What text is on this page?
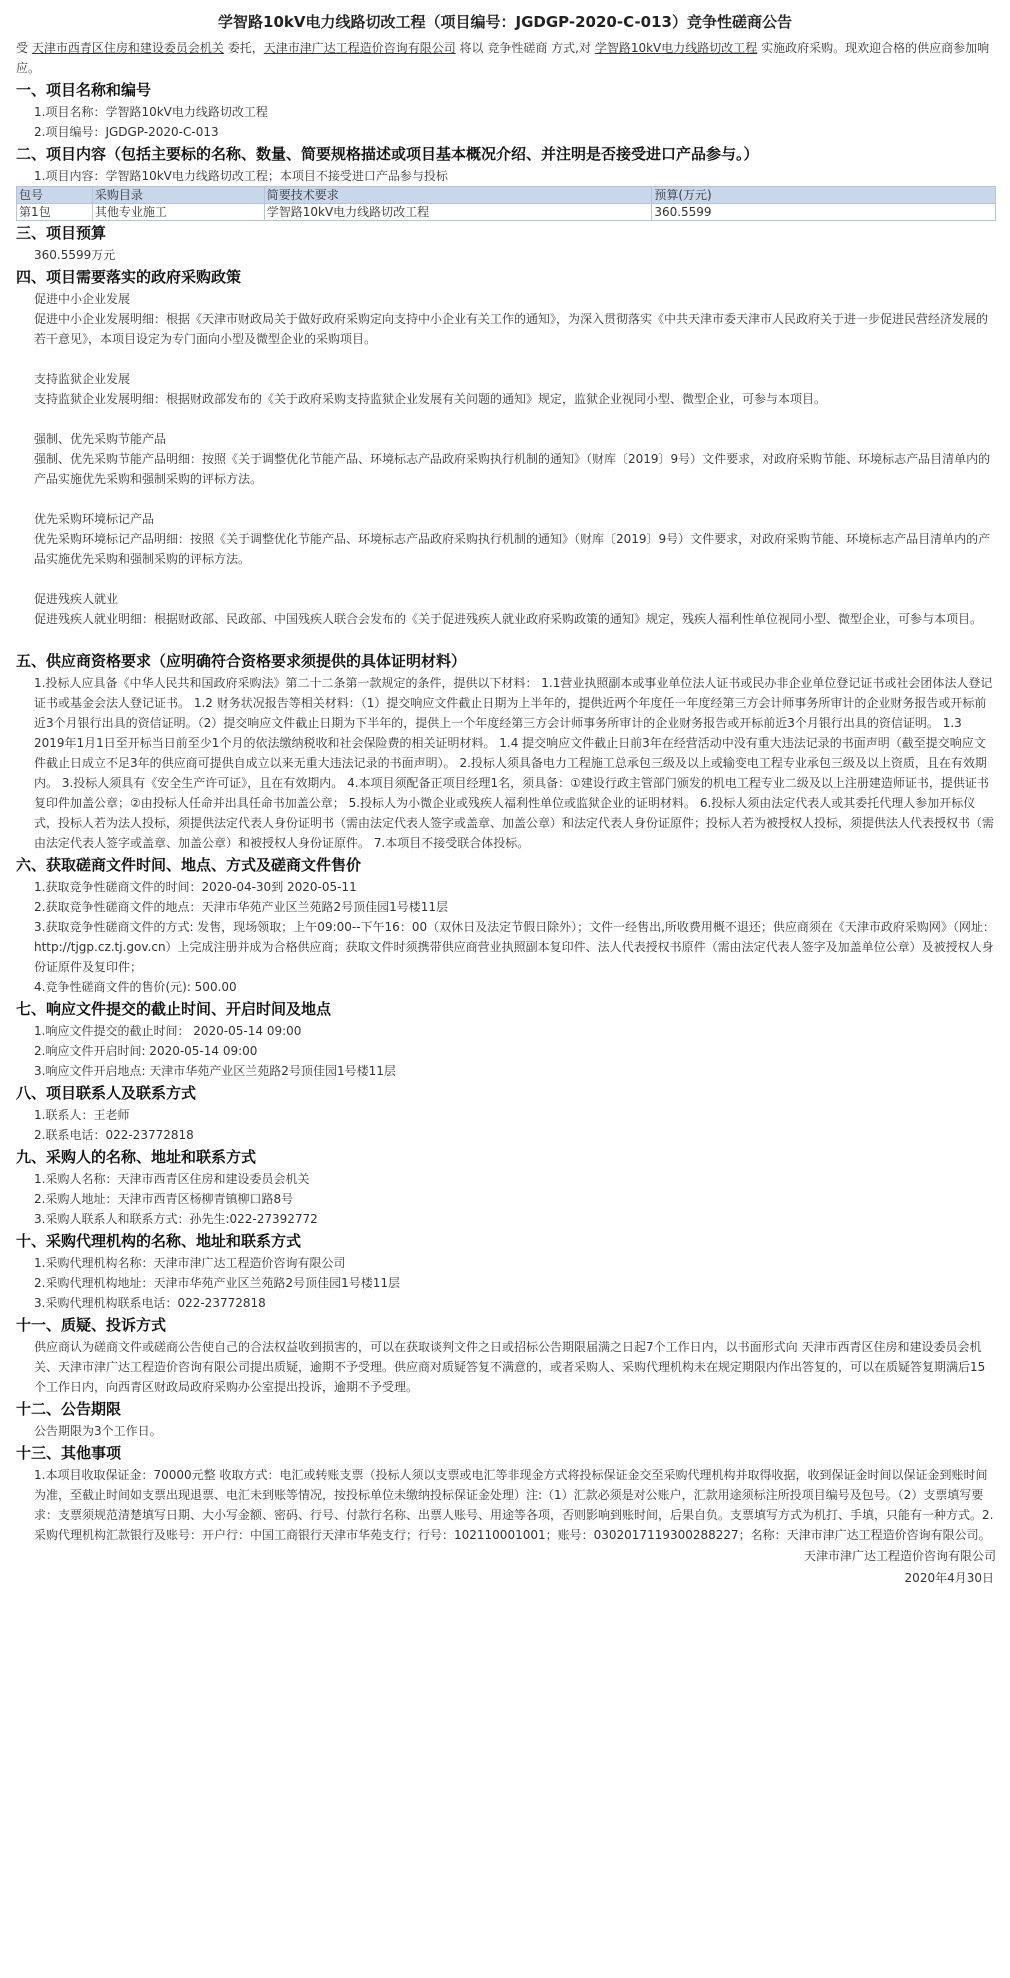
学智路10kV电力线路切改工程（项目编号：JGDGP-2020-C-013）竞争性磋商公告
受 天津市西青区住房和建设委员会机关 委托，天津市津广达工程造价咨询有限公司 将以 竞争性磋商 方式,对 学智路10kV电力线路切改工程 实施政府采购。现欢迎合格的供应商参加响应。
一、项目名称和编号
1.项目名称：学智路10kV电力线路切改工程
2.项目编号：JGDGP-2020-C-013
二、项目内容（包括主要标的名称、数量、简要规格描述或项目基本概况介绍、并注明是否接受进口产品参与。）
1.项目内容：学智路10kV电力线路切改工程；本项目不接受进口产品参与投标
包号	采购目录	简要技术要求	预算(万元)
第1包	其他专业施工	学智路10kV电力线路切改工程	360.5599
三、项目预算
360.5599万元
四、项目需要落实的政府采购政策
促进中小企业发展
促进中小企业发展明细：根据《天津市财政局关于做好政府采购定向支持中小企业有关工作的通知》，为深入贯彻落实《中共天津市委天津市人民政府关于进一步促进民营经济发展的若干意见》，本项目设定为专门面向小型及微型企业的采购项目。
支持监狱企业发展
支持监狱企业发展明细：根据财政部发布的《关于政府采购支持监狱企业发展有关问题的通知》规定，监狱企业视同小型、微型企业，可参与本项目。
强制、优先采购节能产品
强制、优先采购节能产品明细：按照《关于调整优化节能产品、环境标志产品政府采购执行机制的通知》（财库〔2019〕9号）文件要求，对政府采购节能、环境标志产品目清单内的产品实施优先采购和强制采购的评标方法。
优先采购环境标记产品
优先采购环境标记产品明细：按照《关于调整优化节能产品、环境标志产品政府采购执行机制的通知》（财库〔2019〕9号）文件要求，对政府采购节能、环境标志产品目清单内的产品实施优先采购和强制采购的评标方法。
促进残疾人就业
促进残疾人就业明细：根据财政部、民政部、中国残疾人联合会发布的《关于促进残疾人就业政府采购政策的通知》规定，残疾人福利性单位视同小型、微型企业，可参与本项目。
五、供应商资格要求（应明确符合资格要求须提供的具体证明材料）
1.投标人应具备《中华人民共和国政府采购法》第二十二条第一款规定的条件，提供以下材料： 1.1营业执照副本或事业单位法人证书或民办非企业单位登记证书或社会团体法人登记证书或基金会法人登记证书。 1.2 财务状况报告等相关材料：（1）提交响应文件截止日期为上半年的，提供近两个年度任一年度经第三方会计师事务所审计的企业财务报告或开标前近3个月银行出具的资信证明。（2）提交响应文件截止日期为下半年的，提供上一个年度经第三方会计师事务所审计的企业财务报告或开标前近3个月银行出具的资信证明。 1.3 2019年1月1日至开标当日前至少1个月的依法缴纳税收和社会保险费的相关证明材料。 1.4 提交响应文件截止日前3年在经营活动中没有重大违法记录的书面声明（截至提交响应文件截止日成立不足3年的供应商可提供自成立以来无重大违法记录的书面声明）。 2.投标人须具备电力工程施工总承包三级及以上或输变电工程专业承包三级及以上资质，且在有效期内。 3.投标人须具有《安全生产许可证》，且在有效期内。 4.本项目须配备正项目经理1名，须具备：①建设行政主管部门颁发的机电工程专业二级及以上注册建造师证书，提供证书复印件加盖公章；②由投标人任命并出具任命书加盖公章； 5.投标人为小微企业或残疾人福利性单位或监狱企业的证明材料。 6.投标人须由法定代表人或其委托代理人参加开标仪式，投标人若为法人投标，须提供法定代表人身份证明书（需由法定代表人签字或盖章、加盖公章）和法定代表人身份证原件；投标人若为被授权人投标，须提供法人代表授权书（需由法定代表人签字或盖章、加盖公章）和被授权人身份证原件。 7.本项目不接受联合体投标。
六、获取磋商文件时间、地点、方式及磋商文件售价
1.获取竞争性磋商文件的时间：2020-04-30到 2020-05-11
2.获取竞争性磋商文件的地点：天津市华苑产业区兰苑路2号顶佳园1号楼11层
3.获取竞争性磋商文件的方式: 发售，现场领取；上午09:00--下午16：00（双休日及法定节假日除外）；文件一经售出,所收费用概不退还；供应商须在《天津市政府采购网》（网址：http://tjgp.cz.tj.gov.cn）上完成注册并成为合格供应商；获取文件时须携带供应商营业执照副本复印件、法人代表授权书原件（需由法定代表人签字及加盖单位公章）及被授权人身份证原件及复印件；
4.竞争性磋商文件的售价(元): 500.00
七、响应文件提交的截止时间、开启时间及地点
1.响应文件提交的截止时间： 2020-05-14 09:00
2.响应文件开启时间: 2020-05-14 09:00
3.响应文件开启地点: 天津市华苑产业区兰苑路2号顶佳园1号楼11层
八、项目联系人及联系方式
1.联系人：王老师
2.联系电话：022-23772818
九、采购人的名称、地址和联系方式
1.采购人名称：天津市西青区住房和建设委员会机关
2.采购人地址：天津市西青区杨柳青镇柳口路8号
3.采购人联系人和联系方式：孙先生:022-27392772
十、采购代理机构的名称、地址和联系方式
1.采购代理机构名称：天津市津广达工程造价咨询有限公司
2.采购代理机构地址：天津市华苑产业区兰苑路2号顶佳园1号楼11层
3.采购代理机构联系电话：022-23772818
十一、质疑、投诉方式
供应商认为磋商文件或磋商公告使自己的合法权益收到损害的，可以在获取谈判文件之日或招标公告期限届满之日起7个工作日内，以书面形式向 天津市西青区住房和建设委员会机关、天津市津广达工程造价咨询有限公司提出质疑，逾期不予受理。供应商对质疑答复不满意的，或者采购人、采购代理机构未在规定期限内作出答复的，可以在质疑答复期满后15个工作日内，向西青区财政局政府采购办公室提出投诉，逾期不予受理。
十二、公告期限
公告期限为3个工作日。
十三、其他事项
1.本项目收取保证金：70000元整 收取方式：电汇或转账支票（投标人须以支票或电汇等非现金方式将投标保证金交至采购代理机构并取得收据，收到保证金时间以保证金到账时间为准，至截止时间如支票出现退票、电汇未到账等情况，按投标单位未缴纳投标保证金处理）注:（1）汇款必须是对公账户，汇款用途须标注所投项目编号及包号。（2）支票填写要求：支票须规范清楚填写日期、大小写金额、密码、行号、付款行名称、出票人账号、用途等各项，否则影响到账时间，后果自负。支票填写方式为机打、手填，只能有一种方式。2.采购代理机构汇款银行及账号：开户行：中国工商银行天津市华苑支行；行号：102110001001；账号：0302017119300288227；名称：天津市津广达工程造价咨询有限公司。
天津市津广达工程造价咨询有限公司
2020年4月30日
